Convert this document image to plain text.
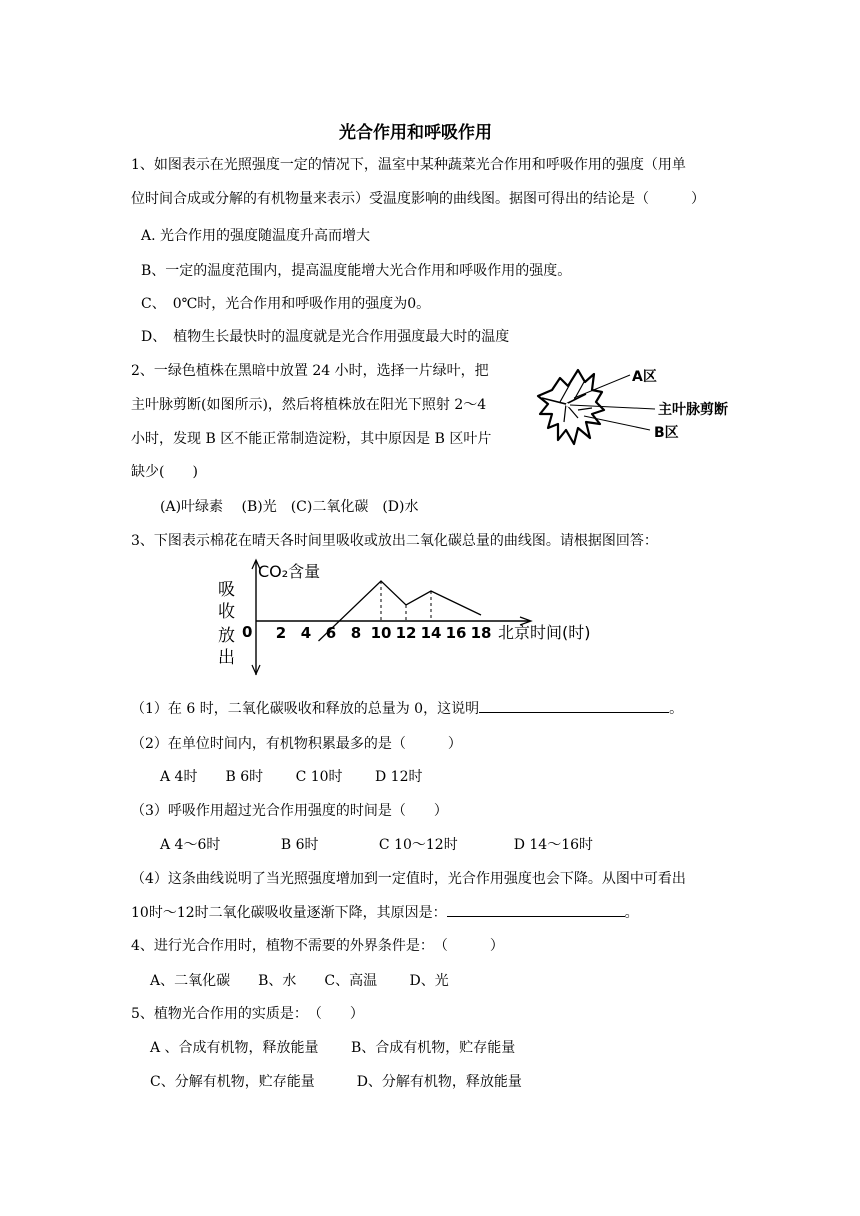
光合作用和呼吸作用
1、如图表示在光照强度一定的情况下，温室中某种蔬菜光合作用和呼吸作用的强度（用单
位时间合成或分解的有机物量来表示）受温度影响的曲线图。据图可得出的结论是（　　　）
A. 光合作用的强度随温度升高而增大
B、一定的温度范围内，提高温度能增大光合作用和呼吸作用的强度。
C、　0℃时，光合作用和呼吸作用的强度为0。
D、　植物生长最快时的温度就是光合作用强度最大时的温度
2、一绿色植株在黑暗中放置 24 小时，选择一片绿叶，把
主叶脉剪断(如图所示)，然后将植株放在阳光下照射 2～4
小时，发现 B 区不能正常制造淀粉，其中原因是 B 区叶片
缺少(　　)
(A)叶绿素　 (B)光　(C)二氧化碳　(D)水
A区
主叶脉剪断
B区
3、下图表示棉花在晴天各时间里吸收或放出二氧化碳总量的曲线图。请根据图回答：
2 4 6 8 10 12 14 16 18
CO₂含量
吸
收
放
出
0	北京时间(时)
（1）在 6 时，二氧化碳吸收和释放的总量为 0，这说明	。
（2）在单位时间内，有机物积累最多的是（　　　）
A 4时　　B 6时　　 C 10时　　 D 12时
（3）呼吸作用超过光合作用强度的时间是（　　）
A 4～6时　　　　 B 6时　　　　 C 10～12时　　　　D 14～16时
（4）这条曲线说明了当光照强度增加到一定值时，光合作用强度也会下降。从图中可看出
10时～12时二氧化碳吸收量逐渐下降，其原因是：	。
4、进行光合作用时，植物不需要的外界条件是：　（　　　）
A、二氧化碳　　B、水　　C、高温　　 D、光
5、植物光合作用的实质是：　（　　）
A 、合成有机物，释放能量　　 B、合成有机物，贮存能量
C、分解有机物，贮存能量　　　D、分解有机物，释放能量
